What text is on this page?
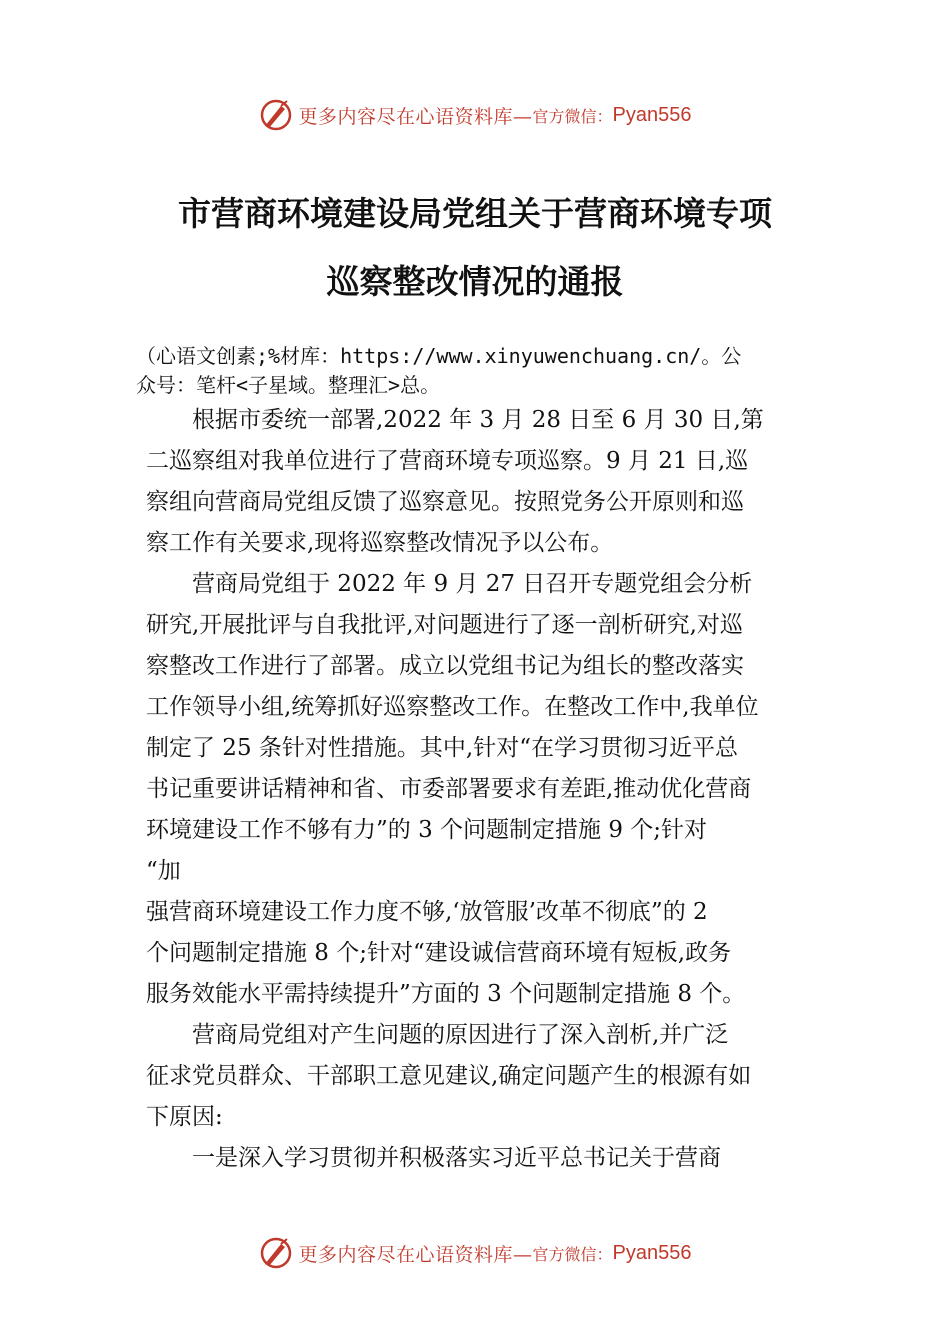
更多内容尽在心语资料库— 官方微信： Pyan556
市营商环境建设局党组关于营商环境专项
巡察整改情况的通报
（心语文创素;%材库：https://www.xinyuwenchuang.cn/。公
众号：笔杆<子星域。整理汇>总。
根据市委统一部署,2022 年 3 月 28 日至 6 月 30 日,第
二巡察组对我单位进行了营商环境专项巡察。9 月 21 日,巡
察组向营商局党组反馈了巡察意见。按照党务公开原则和巡
察工作有关要求,现将巡察整改情况予以公布。
营商局党组于 2022 年 9 月 27 日召开专题党组会分析
研究,开展批评与自我批评,对问题进行了逐一剖析研究,对巡
察整改工作进行了部署。成立以党组书记为组长的整改落实
工作领导小组,统筹抓好巡察整改工作。在整改工作中,我单位
制定了 25 条针对性措施。其中,针对“在学习贯彻习近平总
书记重要讲话精神和省、市委部署要求有差距,推动优化营商
环境建设工作不够有力”的 3 个问题制定措施 9 个;针对
“加
强营商环境建设工作力度不够,‘放管服’改革不彻底”的 2
个问题制定措施 8 个;针对“建设诚信营商环境有短板,政务
服务效能水平需持续提升”方面的 3 个问题制定措施 8 个。
营商局党组对产生问题的原因进行了深入剖析,并广泛
征求党员群众、干部职工意见建议,确定问题产生的根源有如
下原因:
一是深入学习贯彻并积极落实习近平总书记关于营商
更多内容尽在心语资料库— 官方微信： Pyan556
